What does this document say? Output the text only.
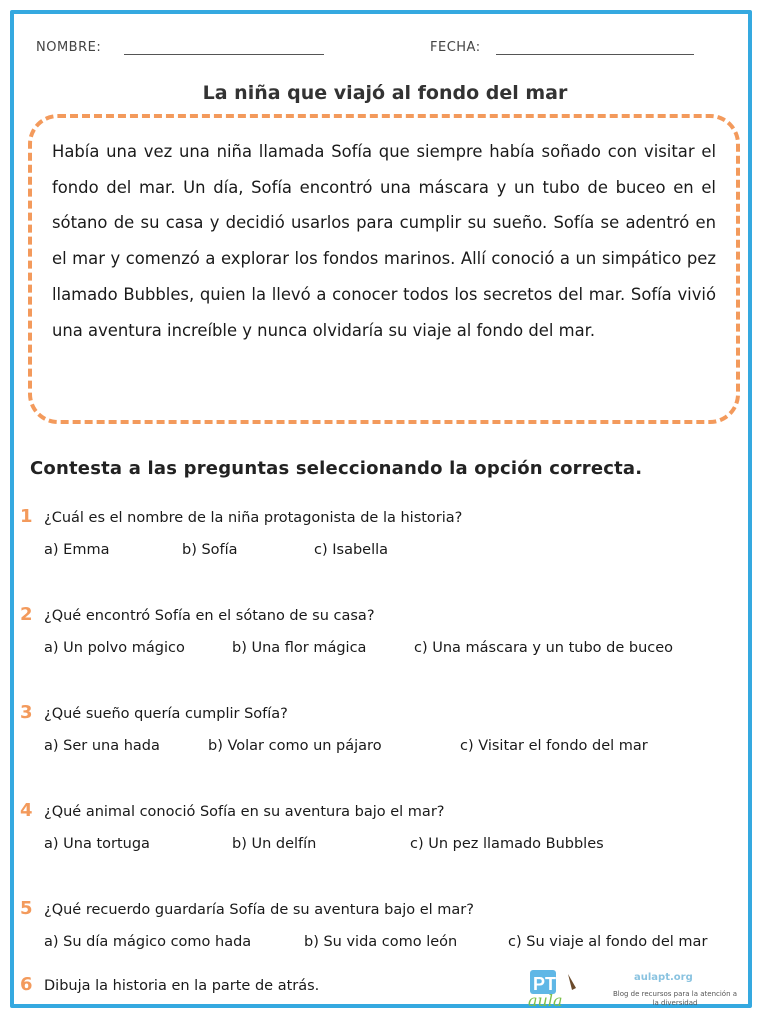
NOMBRE:	FECHA:
La niña que viajó al fondo del mar

Había una vez una niña llamada Sofía que siempre había soñado con visitar el fondo del mar. Un día, Sofía encontró una máscara y un tubo de buceo en el sótano de su casa y decidió usarlos para cumplir su sueño. Sofía se adentró en el mar y comenzó a explorar los fondos marinos. Allí conoció a un simpático pez llamado Bubbles, quien la llevó a conocer todos los secretos del mar. Sofía vivió una aventura increíble y nunca olvidaría su viaje al fondo del mar.

Contesta a las preguntas seleccionando la opción correcta.
1 ¿Cuál es el nombre de la niña protagonista de la historia?
a) Emma	b) Sofía	c) Isabella
2 ¿Qué encontró Sofía en el sótano de su casa?
a) Un polvo mágico	b) Una flor mágica	c) Una máscara y un tubo de buceo
3 ¿Qué sueño quería cumplir Sofía?
a) Ser una hada	b) Volar como un pájaro	c) Visitar el fondo del mar
4 ¿Qué animal conoció Sofía en su aventura bajo el mar?
a) Una tortuga	b) Un delfín	c) Un pez llamado Bubbles
5 ¿Qué recuerdo guardaría Sofía de su aventura bajo el mar?
a) Su día mágico como hada	b) Su vida como león	c) Su viaje al fondo del mar
6 Dibuja la historia en la parte de atrás.	PT
aula
aulapt.org
Blog de recursos para la atención a la diversidad
